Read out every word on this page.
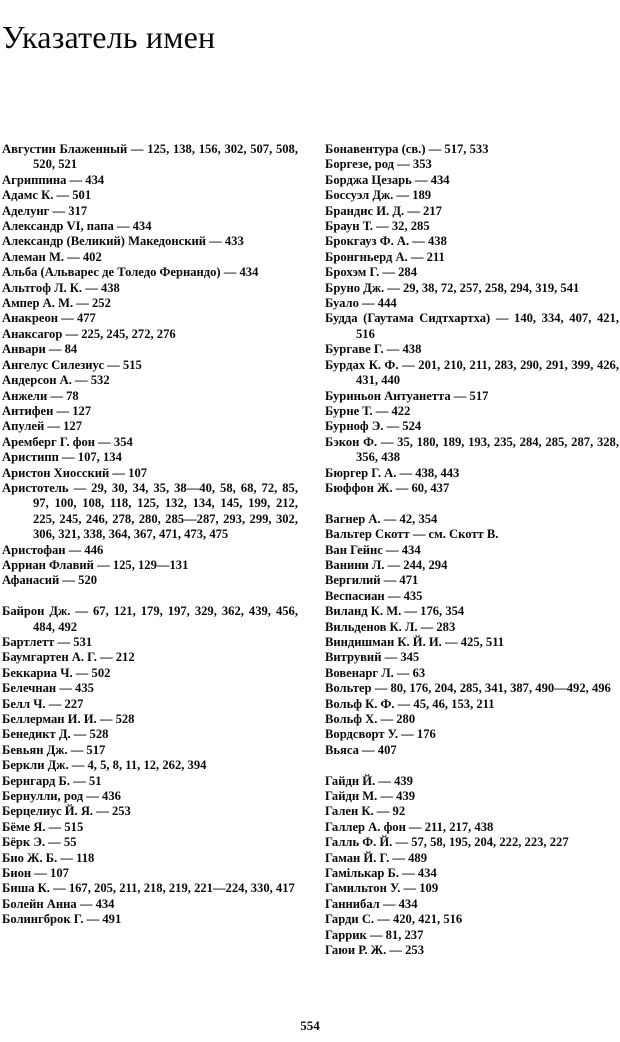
Указатель имен
Августин Блаженный — 125, 138, 156, 302, 507, 508, 520, 521
Агриппина — 434
Адамс К. — 501
Аделунг — 317
Александр VI, папа — 434
Александр (Великий) Македонский — 433
Алеман М. — 402
Альба (Альварес де Толедо Фернандо) — 434
Альтгоф Л. К. — 438
Ампер А. М. — 252
Анакреон — 477
Анаксагор — 225, 245, 272, 276
Анвари — 84
Ангелус Силезиус — 515
Андерсон А. — 532
Анжели — 78
Антифен — 127
Апулей — 127
Аремберг Г. фон — 354
Аристипп — 107, 134
Аристон Хиосский — 107
Аристотель — 29, 30, 34, 35, 38—40, 58, 68, 72, 85, 97, 100, 108, 118, 125, 132, 134, 145, 199, 212, 225, 245, 246, 278, 280, 285—287, 293, 299, 302, 306, 321, 338, 364, 367, 471, 473, 475
Аристофан — 446
Арриан Флавий — 125, 129—131
Афанасий — 520
Байрон Дж. — 67, 121, 179, 197, 329, 362, 439, 456, 484, 492
Бартлетт — 531
Баумгартен А. Г. — 212
Беккариа Ч. — 502
Белечнан — 435
Белл Ч. — 227
Беллерман И. И. — 528
Бенедикт Д. — 528
Бевьян Дж. — 517
Беркли Дж. — 4, 5, 8, 11, 12, 262, 394
Бернгард Б. — 51
Бернулли, род — 436
Берцелиус Й. Я. — 253
Бёме Я. — 515
Бёрк Э. — 55
Био Ж. Б. — 118
Бион — 107
Биша К. — 167, 205, 211, 218, 219, 221—224, 330, 417
Болейн Анна — 434
Болингброк Г. — 491
Бонавентура (св.) — 517, 533
Боргезе, род — 353
Борджа Цезарь — 434
Боссуэл Дж. — 189
Брандис И. Д. — 217
Браун Т. — 32, 285
Брокгауз Ф. А. — 438
Бронгньерд А. — 211
Брохэм Г. — 284
Бруно Дж. — 29, 38, 72, 257, 258, 294, 319, 541
Буало — 444
Будда (Гаутама Сидтхартха) — 140, 334, 407, 421, 516
Бургаве Г. — 438
Бурдах К. Ф. — 201, 210, 211, 283, 290, 291, 399, 426, 431, 440
Буриньон Антуанетта — 517
Бурне Т. — 422
Бурноф Э. — 524
Бэкон Ф. — 35, 180, 189, 193, 235, 284, 285, 287, 328, 356, 438
Бюргер Г. А. — 438, 443
Бюффон Ж. — 60, 437
Вагнер А. — 42, 354
Вальтер Скотт — см. Скотт В.
Ван Гейнс — 434
Ванини Л. — 244, 294
Вергилий — 471
Веспасиан — 435
Виланд К. М. — 176, 354
Вильденов К. Л. — 283
Виндишман К. Й. И. — 425, 511
Витрувий — 345
Вовенарг Л. — 63
Вольтер — 80, 176, 204, 285, 341, 387, 490—492, 496
Вольф К. Ф. — 45, 46, 153, 211
Вольф Х. — 280
Вордсворт У. — 176
Вьяса — 407
Гайдн Й. — 439
Гайдн М. — 439
Гален К. — 92
Галлер А. фон — 211, 217, 438
Галль Ф. Й. — 57, 58, 195, 204, 222, 223, 227
Гаман Й. Г. — 489
Гамількар Б. — 434
Гамильтон У. — 109
Ганнибал — 434
Гарди С. — 420, 421, 516
Гаррик — 81, 237
Гаюи Р. Ж. — 253
554
